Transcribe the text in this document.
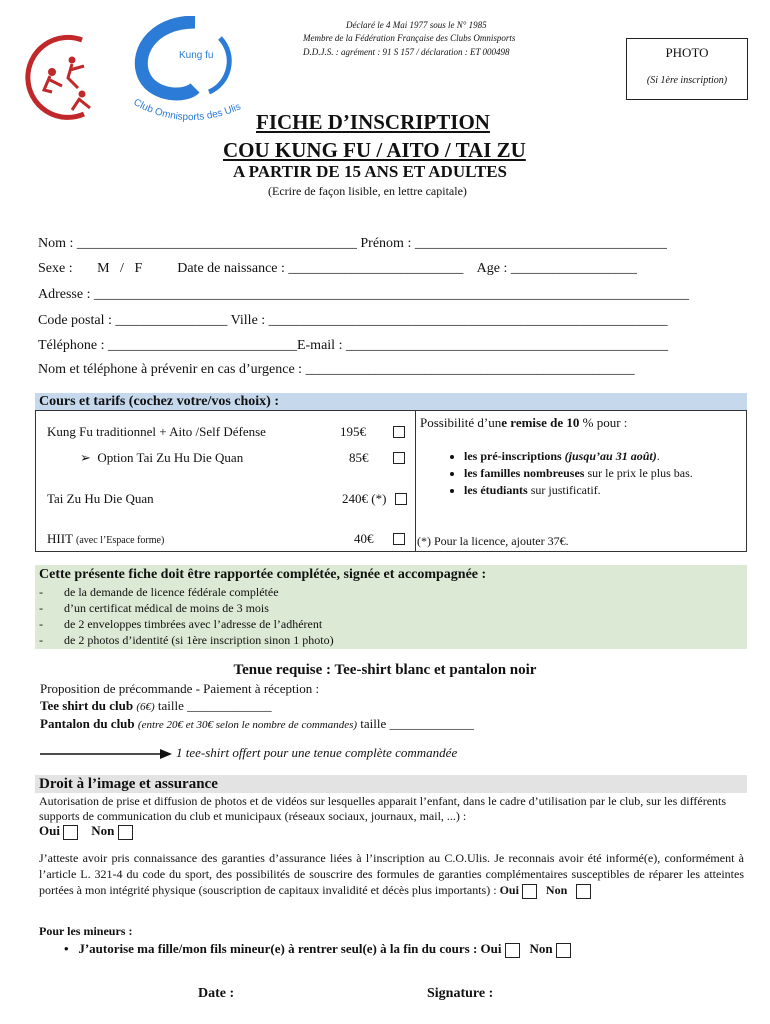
Kung fu
Club Omnisports des Ulis
Déclaré le 4 Mai 1977 sous le N° 1985
Membre de la Fédération Française des Clubs Omnisports
D.D.J.S. : agrément : 91 S 157 / déclaration : ET 000498	PHOTO
(Si 1ère inscription)
FICHE D’INSCRIPTION
COU KUNG FU / AITO / TAI ZU
A PARTIR DE 15 ANS ET ADULTES
(Ecrire de façon lisible, en lettre capitale)
Nom : ________________________________________ Prénom : ____________________________________
Sexe :       M   /   F          Date de naissance : _________________________    Age : __________________
Adresse : _____________________________________________________________________________________
Code postal : ________________ Ville : _________________________________________________________
Téléphone : ___________________________E-mail : ______________________________________________
Nom et téléphone à prévenir en cas d’urgence : _______________________________________________
Cours et tarifs (cochez votre/vos choix) :
Kung Fu traditionnel + Aito /Self Défense	195€
➢  Option Tai Zu Hu Die Quan	85€
Tai Zu Hu Die Quan	240€ (*)
HIIT (avec l’Espace forme)	40€
Possibilité d’une remise de 10 % pour :
• les pré-inscriptions (jusqu’au 31 août).
• les familles nombreuses sur le prix le plus bas.
• les étudiants sur justificatif.
(*) Pour la licence, ajouter 37€.
Cette présente fiche doit être rapportée complétée, signée et accompagnée :
-       de la demande de licence fédérale complétée
-       d’un certificat médical de moins de 3 mois
-       de 2 enveloppes timbrées avec l’adresse de l’adhérent
-       de 2 photos d’identité (si 1ère inscription sinon 1 photo)
Tenue requise : Tee-shirt blanc et pantalon noir
Proposition de précommande - Paiement à réception :
Tee shirt du club (6€) taille _____________
Pantalon du club (entre 20€ et 30€ selon le nombre de commandes) taille _____________
1 tee-shirt offert pour une tenue complète commandée
Droit à l’image et assurance
Autorisation de prise et diffusion de photos et de vidéos sur lesquelles apparait l’enfant, dans le cadre d’utilisation par le club, sur les différents supports de communication du club et municipaux (réseaux sociaux, journaux, mail, ...) :
Oui Non
J’atteste avoir pris connaissance des garanties d’assurance liées à l’inscription au C.O.Ulis. Je reconnais avoir été informé(e), conformément à l’article L. 321-4 du code du sport, des possibilités de souscrire des formules de garanties complémentaires susceptibles de réparer les atteintes portées à mon intégrité physique (souscription de capitaux invalidité et décès plus importants) : Oui Non
Pour les mineurs :
•   J’autorise ma fille/mon fils mineur(e) à rentrer seul(e) à la fin du cours : Oui Non
Date :	Signature :
